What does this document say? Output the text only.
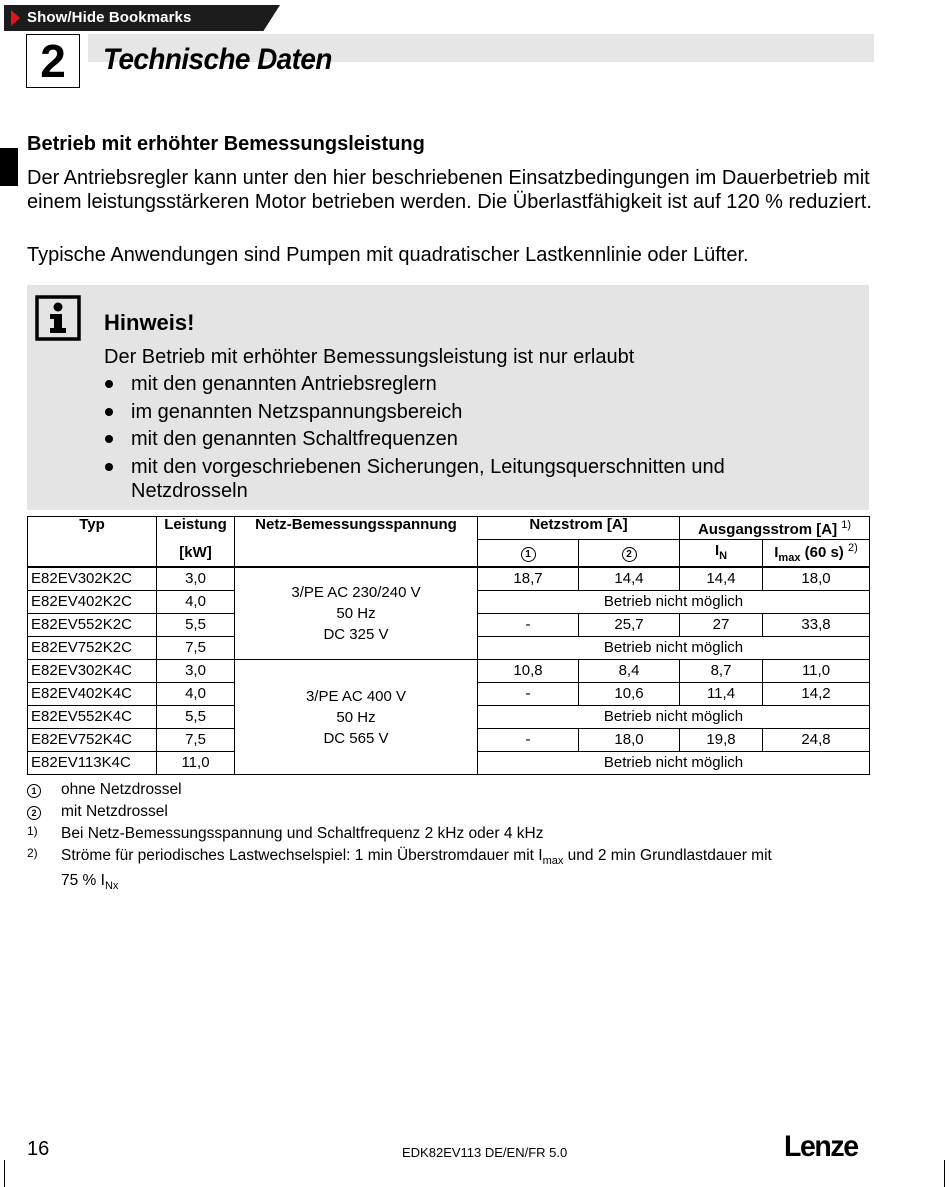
Show/Hide Bookmarks
2	Technische Daten
Betrieb mit erhöhter Bemessungsleistung
Der Antriebsregler kann unter den hier beschriebenen Einsatzbedingungen im Dauerbetrieb mit einem leistungsstärkeren Motor betrieben werden. Die Überlastfähigkeit ist auf 120 % reduziert.
Typische Anwendungen sind Pumpen mit quadratischer Lastkennlinie oder Lüfter.
Hinweis!
Der Betrieb mit erhöhter Bemessungsleistung ist nur erlaubt
mit den genannten Antriebsreglern
im genannten Netzspannungsbereich
mit den genannten Schaltfrequenzen
mit den vorgeschriebenen Sicherungen, Leitungsquerschnitten und Netzdrosseln
Typ	Leistung	Netz-Bemessungsspannung	Netzstrom [A]		Ausgangsstrom [A] $^{1)}$
	[kW]		1	2	$I_N$	$I_{max}$ (60 s) $^{2)}$
E82EV302K2C	3,0	3/PE AC 230/240 V
50 Hz
DC 325 V	18,7	14,4	14,4	18,0
E82EV402K2C	4,0		Betrieb nicht möglich			
E82EV552K2C	5,5		-	25,7	27	33,8
E82EV752K2C	7,5		Betrieb nicht möglich			
E82EV302K4C	3,0	3/PE AC 400 V
50 Hz
DC 565 V	10,8	8,4	8,7	11,0
E82EV402K4C	4,0		-	10,6	11,4	14,2
E82EV552K4C	5,5		Betrieb nicht möglich			
E82EV752K4C	7,5		-	18,0	19,8	24,8
E82EV113K4C	11,0		Betrieb nicht möglich			
1	ohne Netzdrossel
2	mit Netzdrossel
1)	Bei Netz-Bemessungsspannung und Schaltfrequenz 2 kHz oder 4 kHz
2)	Ströme für periodisches Lastwechselspiel: 1 min Überstromdauer mit $I_{max}$ und 2 min Grundlastdauer mit
75 % $I_{Nx}$
16	EDK82EV113 DE/EN/FR 5.0	Lenze
